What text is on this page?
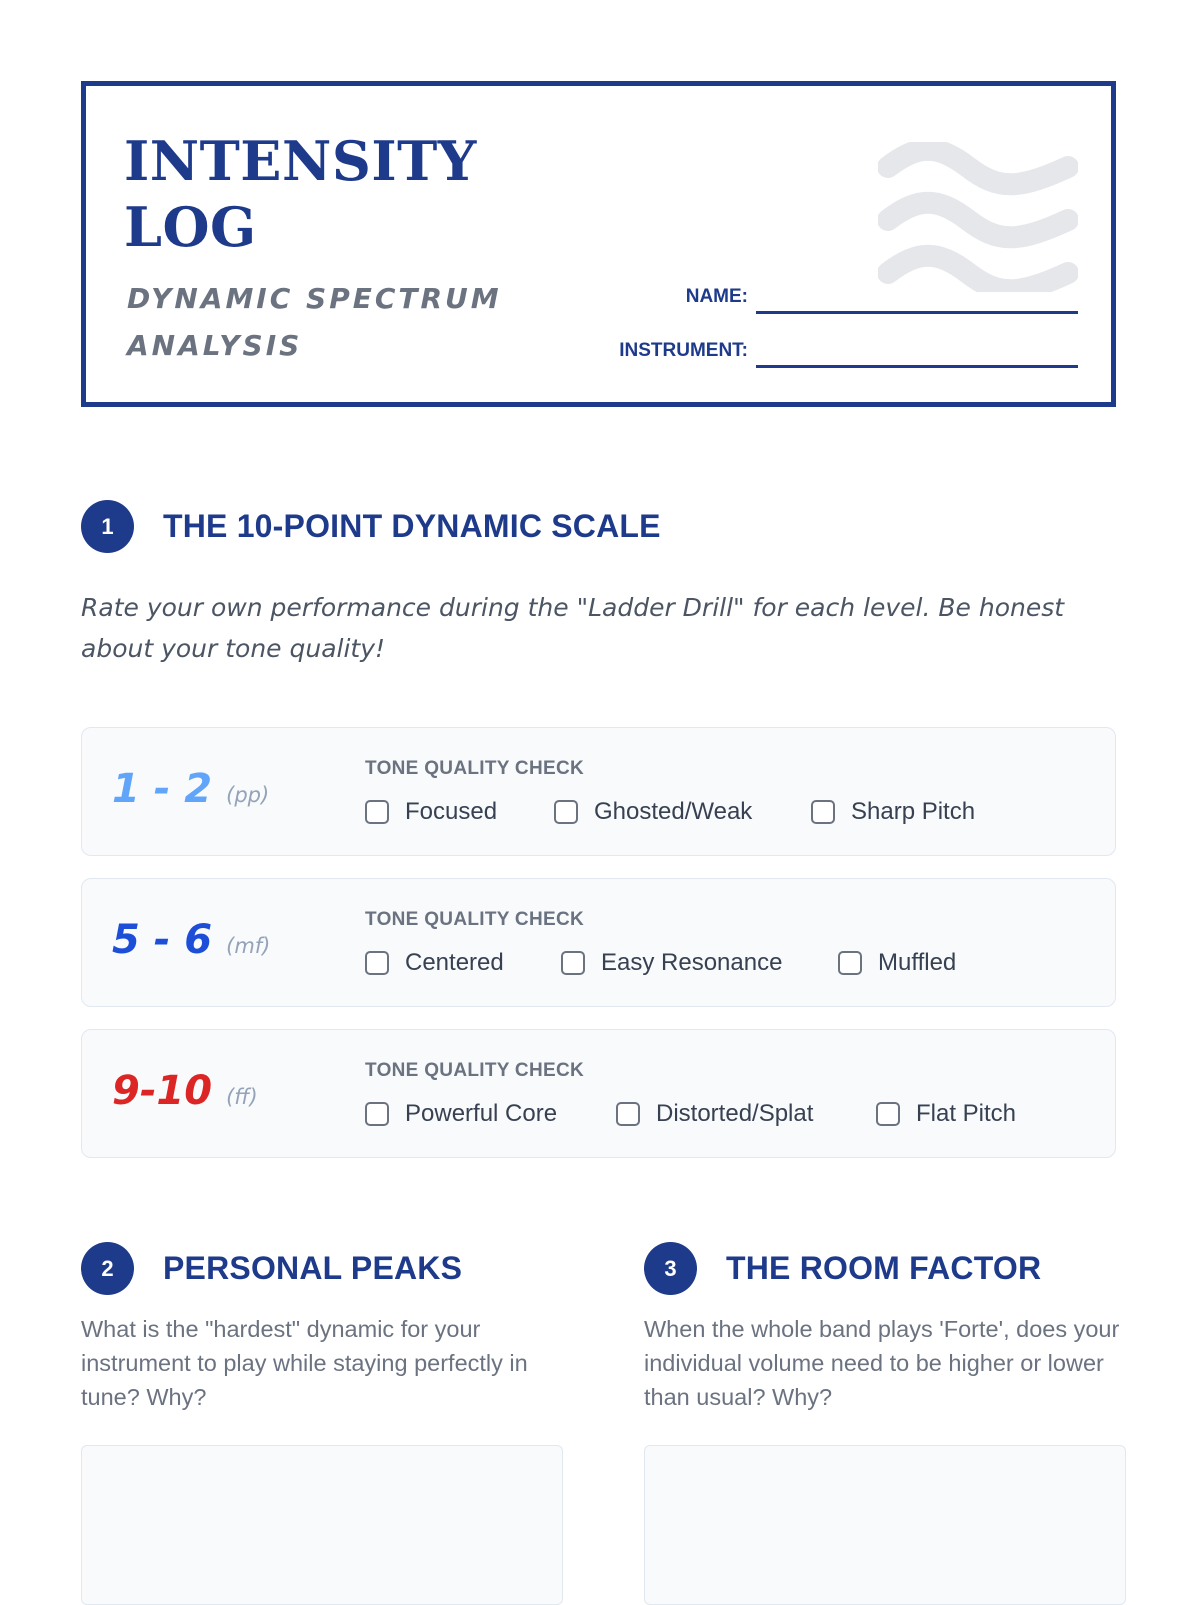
INTENSITY
LOG

DYNAMIC SPECTRUM
ANALYSIS

NAME:
INSTRUMENT:
1	THE 10-POINT DYNAMIC SCALE

Rate your own performance during the "Ladder Drill" for each level. Be honest about your tone quality!

1 - 2 (pp)
TONE QUALITY CHECK
Focused	Ghosted/Weak	Sharp Pitch
5 - 6 (mf)
TONE QUALITY CHECK
Centered	Easy Resonance	Muffled
9-10 (ff)
TONE QUALITY CHECK
Powerful Core	Distorted/Splat	Flat Pitch
2	PERSONAL PEAKS

What is the "hardest" dynamic for your instrument to play while staying perfectly in tune? Why?

3	THE ROOM FACTOR

When the whole band plays 'Forte', does your individual volume need to be higher or lower than usual? Why?
